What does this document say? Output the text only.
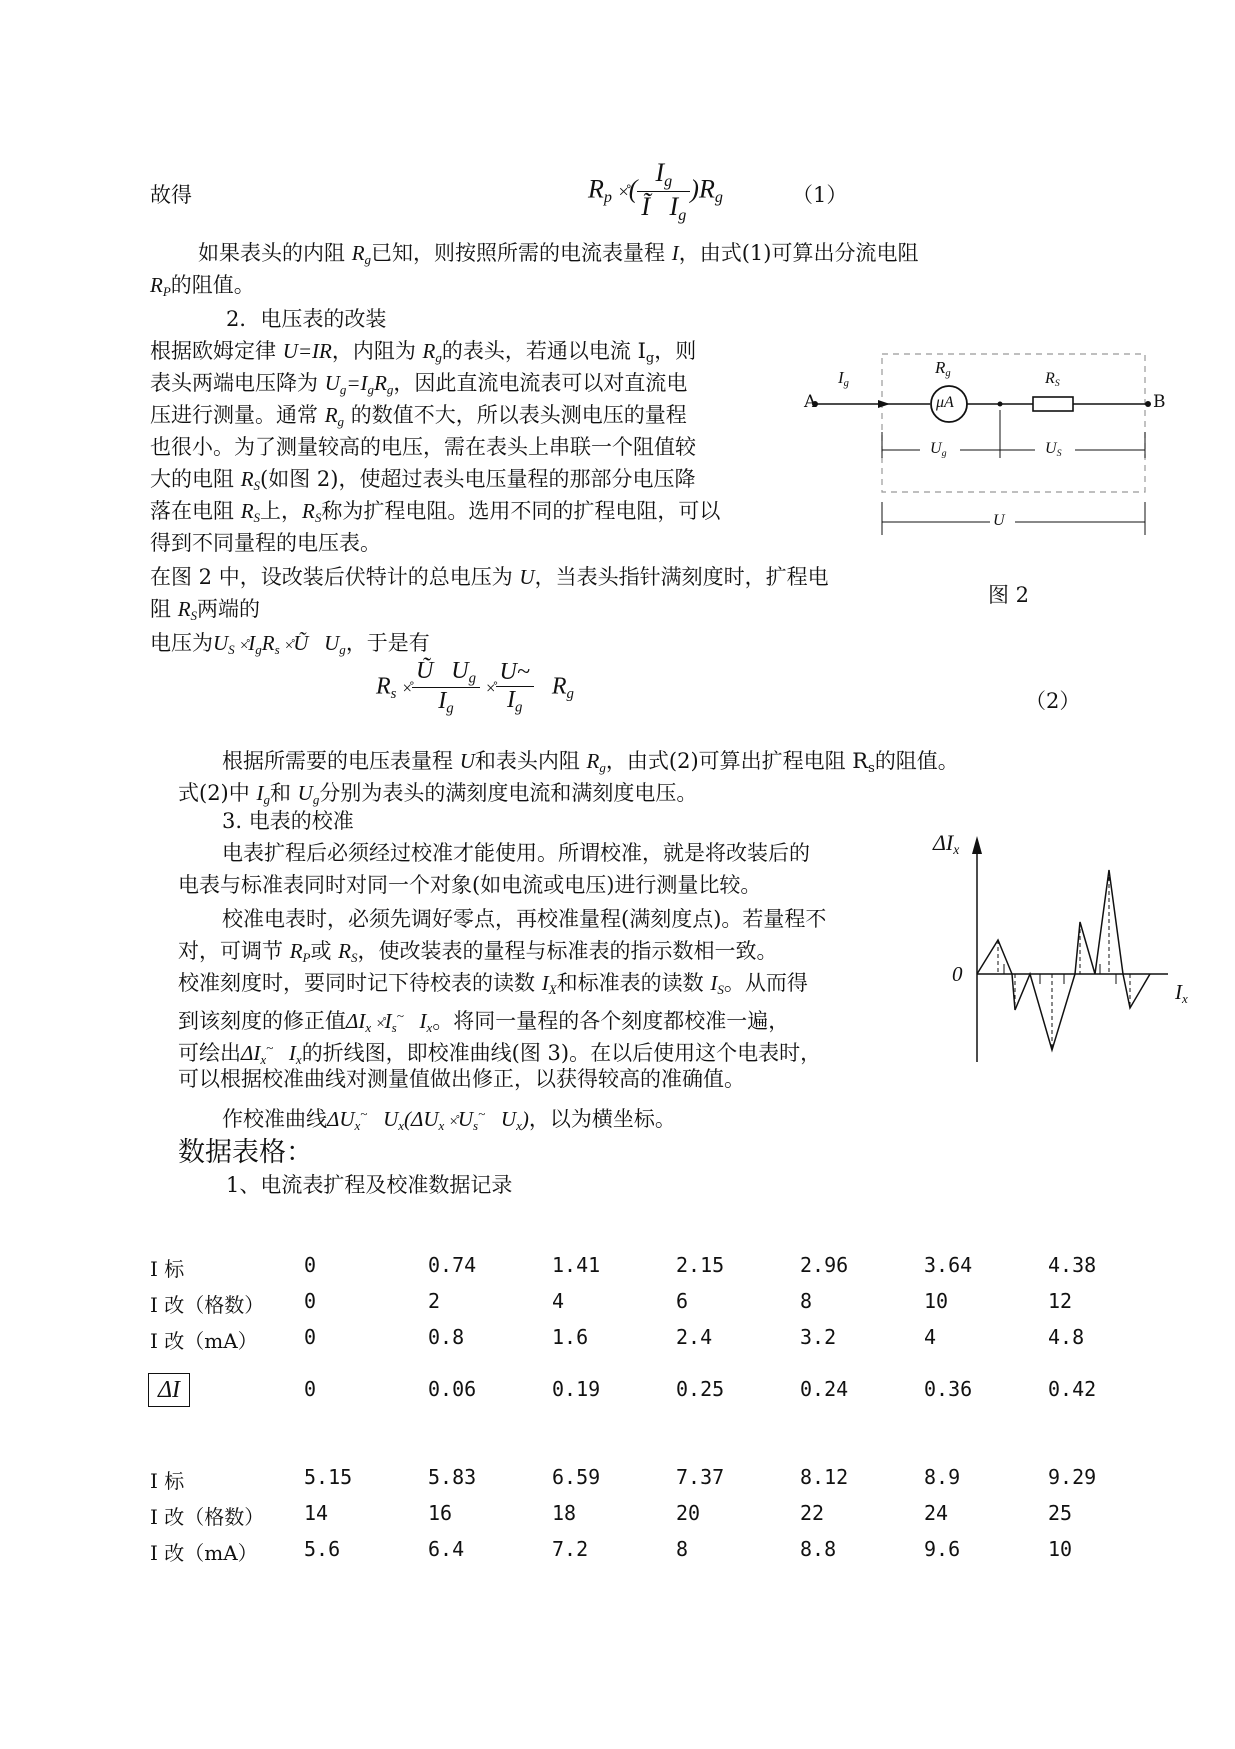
故得	$R_p$ ×̊( $\frac{I_g}{Ĩ I_g} )R_g$	（1）
如果表头的内阻 $R_g$已知，则按照所需的电流表量程 I，由式(1)可算出分流电阻
$R_P$的阻值。
2．电压表的改装
根据欧姆定律 U=IR，内阻为 $R_g$的表头，若通以电流 $I_g$，则
表头两端电压降为 $U_g=I_gR_g$，因此直流电流表可以对直流电
压进行测量。通常 $R_g$ 的数值不大，所以表头测电压的量程
也很小。为了测量较高的电压，需在表头上串联一个阻值较
大的电阻 $R_S$(如图 2)，使超过表头电压量程的那部分电压降
落在电阻 $R_S$上，$R_S$称为扩程电阻。选用不同的扩程电阻，可以
得到不同量程的电压表。
在图 2 中，设改装后伏特计的总电压为 U，当表头指针满刻度时，扩程电
阻 $R_S$两端的
电压为$U_S$ $\times̊I_gR_s$ ×̊Ũ   $U_g$，于是有
$R_s$ ×̊ $\frac{Ũ U_g}{I_g}$ ×̊ $\frac{U\sim}{I_g} R_g$	（2）
根据所需要的电压表量程 U和表头内阻 $R_g$，由式(2)可算出扩程电阻 $R_s$的阻值。
式(2)中 $I_g$和 $U_g$分别为表头的满刻度电流和满刻度电压。
A	B
$I_g$
$R_g$
μA
$R_S$
$U_g$	$U_S$
U
图 2
3. 电表的校准
电表扩程后必须经过校准才能使用。所谓校准，就是将改装后的
电表与标准表同时对同一个对象(如电流或电压)进行测量比较。
校准电表时，必须先调好零点，再校准量程(满刻度点)。若量程不
对，可调节 $R_P$或 $R_S$，使改装表的量程与标准表的指示数相一致。
校准刻度时，要同时记下待校表的读数 $I_X$和标准表的读数 $I_S$。从而得
到该刻度的修正值$\Delta I_x$ $\times̊I_s^\sim$   $I_x$。将同一量程的各个刻度都校准一遍，
可绘出$\Delta I_x^\sim$   $I_x$的折线图，即校准曲线(图 3)。在以后使用这个电表时，
可以根据校准曲线对测量值做出修正，以获得较高的准确值。
作校准曲线$\Delta U_x^\sim$   $U_x(\Delta U_x$ $\times̊U_s^\sim$   $U_x$)，以为横坐标。
$\Delta I_x$
0
$I_x$
数据表格：
1、电流表扩程及校准数据记录
I 标	0	0.74	1.41	2.15	2.96	3.64	4.38
I 改（格数） 0	2	4	6	8	10	12
I 改（mA） 0	0.8	1.6	2.4	3.2	4	4.8
ΔI	0	0.06	0.19	0.25	0.24	0.36	0.42
I 标	5.15	5.83	6.59	7.37	8.12	8.9	9.29
I 改（格数） 14	16	18	20	22	24	25
I 改（mA） 5.6	6.4	7.2	8	8.8	9.6	10
